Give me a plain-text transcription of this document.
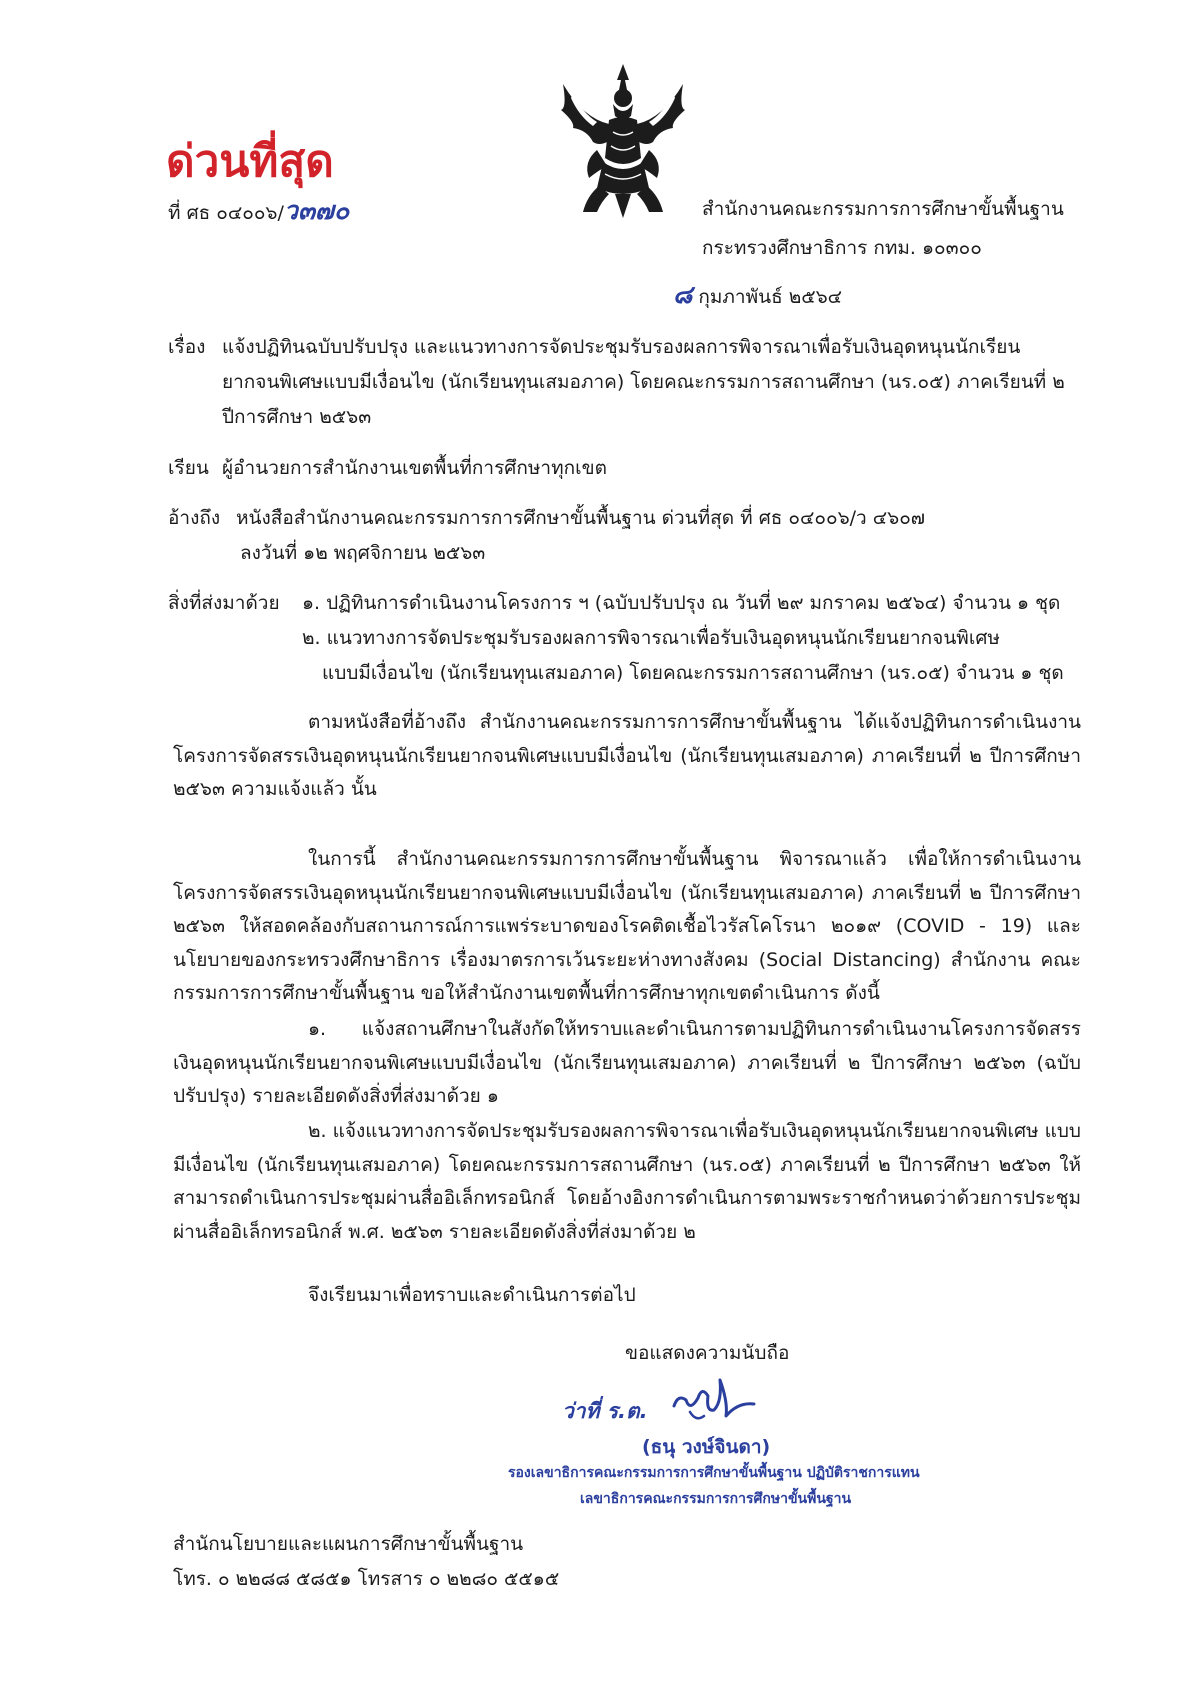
ด่วนที่สุด
ที่ ศธ ๐๔๐๐๖/ว๓๗๐	สำนักงานคณะกรรมการการศึกษาขั้นพื้นฐาน
กระทรวงศึกษาธิการ กทม. ๑๐๓๐๐
๘ กุมภาพันธ์ ๒๕๖๔
เรื่อง แจ้งปฏิทินฉบับปรับปรุง และแนวทางการจัดประชุมรับรองผลการพิจารณาเพื่อรับเงินอุดหนุนนักเรียน
ยากจนพิเศษแบบมีเงื่อนไข (นักเรียนทุนเสมอภาค) โดยคณะกรรมการสถานศึกษา (นร.๐๕) ภาคเรียนที่ ๒
ปีการศึกษา ๒๕๖๓
เรียน ผู้อำนวยการสำนักงานเขตพื้นที่การศึกษาทุกเขต
อ้างถึง หนังสือสำนักงานคณะกรรมการการศึกษาขั้นพื้นฐาน ด่วนที่สุด ที่ ศธ ๐๔๐๐๖/ว ๔๖๐๗
ลงวันที่ ๑๒ พฤศจิกายน ๒๕๖๓
สิ่งที่ส่งมาด้วย ๑. ปฏิทินการดำเนินงานโครงการ ฯ (ฉบับปรับปรุง ณ วันที่ ๒๙ มกราคม ๒๕๖๔) จำนวน ๑ ชุด
๒. แนวทางการจัดประชุมรับรองผลการพิจารณาเพื่อรับเงินอุดหนุนนักเรียนยากจนพิเศษ
แบบมีเงื่อนไข (นักเรียนทุนเสมอภาค) โดยคณะกรรมการสถานศึกษา (นร.๐๕) จำนวน ๑ ชุด
ตามหนังสือที่อ้างถึง สำนักงานคณะกรรมการการศึกษาขั้นพื้นฐาน ได้แจ้งปฏิทินการดำเนินงาน โครงการจัดสรรเงินอุดหนุนนักเรียนยากจนพิเศษแบบมีเงื่อนไข (นักเรียนทุนเสมอภาค) ภาคเรียนที่ ๒ ปีการศึกษา ๒๕๖๓ ความแจ้งแล้ว นั้น
ในการนี้ สำนักงานคณะกรรมการการศึกษาขั้นพื้นฐาน พิจารณาแล้ว เพื่อให้การดำเนินงาน โครงการจัดสรรเงินอุดหนุนนักเรียนยากจนพิเศษแบบมีเงื่อนไข (นักเรียนทุนเสมอภาค) ภาคเรียนที่ ๒ ปีการศึกษา ๒๕๖๓ ให้สอดคล้องกับสถานการณ์การแพร่ระบาดของโรคติดเชื้อไวรัสโคโรนา ๒๐๑๙ (COVID - 19) และนโยบายของกระทรวงศึกษาธิการ เรื่องมาตรการเว้นระยะห่างทางสังคม (Social Distancing) สำนักงาน คณะกรรมการการศึกษาขั้นพื้นฐาน ขอให้สำนักงานเขตพื้นที่การศึกษาทุกเขตดำเนินการ ดังนี้
๑. แจ้งสถานศึกษาในสังกัดให้ทราบและดำเนินการตามปฏิทินการดำเนินงานโครงการจัดสรร เงินอุดหนุนนักเรียนยากจนพิเศษแบบมีเงื่อนไข (นักเรียนทุนเสมอภาค) ภาคเรียนที่ ๒ ปีการศึกษา ๒๕๖๓ (ฉบับปรับปรุง) รายละเอียดดังสิ่งที่ส่งมาด้วย ๑
๒. แจ้งแนวทางการจัดประชุมรับรองผลการพิจารณาเพื่อรับเงินอุดหนุนนักเรียนยากจนพิเศษ แบบมีเงื่อนไข (นักเรียนทุนเสมอภาค) โดยคณะกรรมการสถานศึกษา (นร.๐๕) ภาคเรียนที่ ๒ ปีการศึกษา ๒๕๖๓ ให้สามารถดำเนินการประชุมผ่านสื่ออิเล็กทรอนิกส์ โดยอ้างอิงการดำเนินการตามพระราชกำหนดว่าด้วยการประชุม ผ่านสื่ออิเล็กทรอนิกส์ พ.ศ. ๒๕๖๓ รายละเอียดดังสิ่งที่ส่งมาด้วย ๒
จึงเรียนมาเพื่อทราบและดำเนินการต่อไป
ขอแสดงความนับถือ
ว่าที่ ร.ต.
(ธนุ วงษ์จินดา)
รองเลขาธิการคณะกรรมการการศึกษาขั้นพื้นฐาน ปฏิบัติราชการแทน
เลขาธิการคณะกรรมการการศึกษาขั้นพื้นฐาน
สำนักนโยบายและแผนการศึกษาขั้นพื้นฐาน
โทร. ๐ ๒๒๘๘ ๕๘๕๑ โทรสาร ๐ ๒๒๘๐ ๕๕๑๕
